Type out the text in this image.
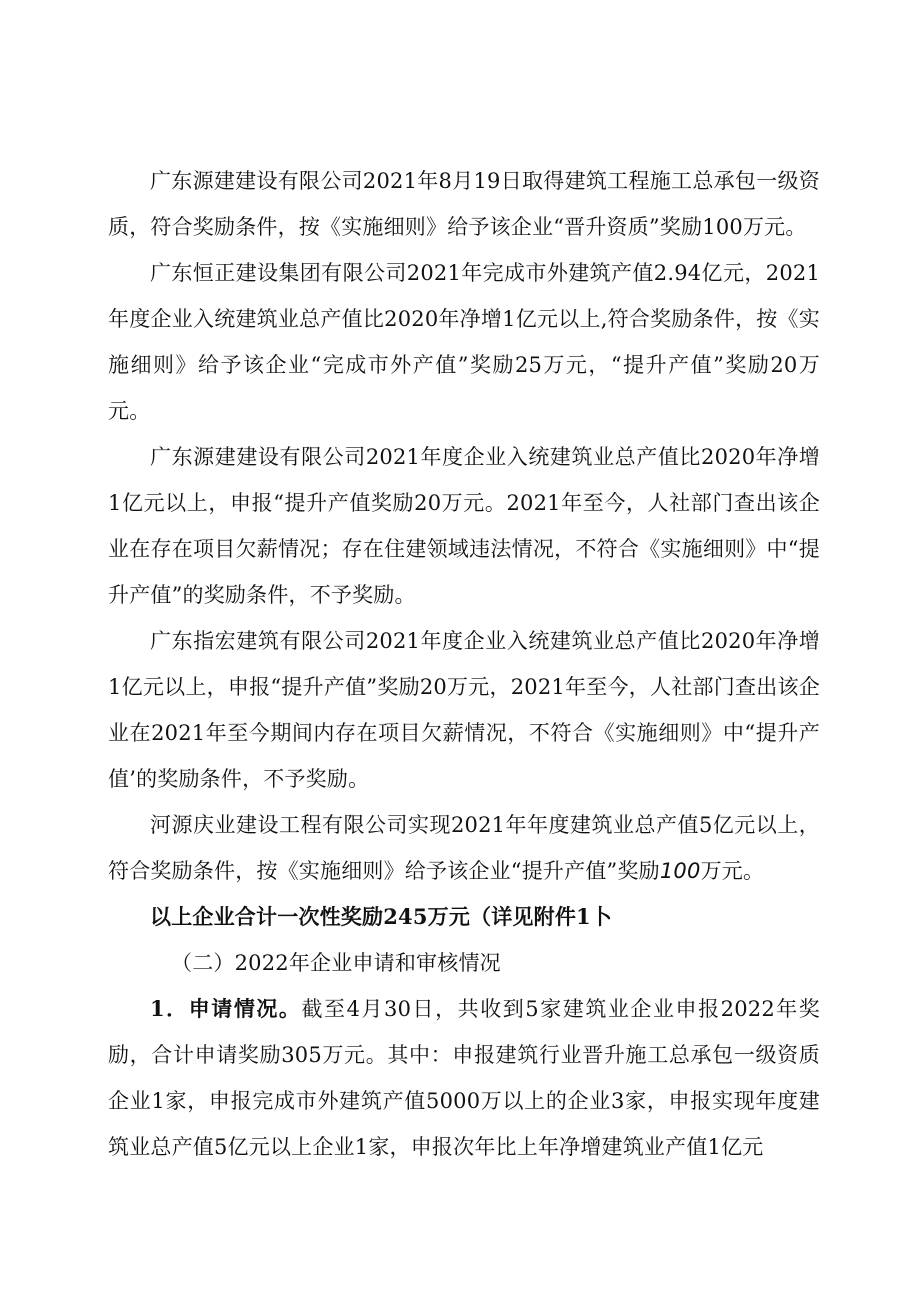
广东源建建设有限公司2021年8月19日取得建筑工程施工总承包一级资质，符合奖励条件，按《实施细则》给予该企业“晋升资质”奖励100万元。

广东恒正建设集团有限公司2021年完成市外建筑产值2.94亿元，2021年度企业入统建筑业总产值比2020年净增1亿元以上,符合奖励条件，按《实施细则》给予该企业“完成市外产值”奖励25万元，“提升产值”奖励20万元。

广东源建建设有限公司2021年度企业入统建筑业总产值比2020年净增1亿元以上，申报“提升产值奖励20万元。2021年至今，人社部门查出该企业在存在项目欠薪情况；存在住建领域违法情况，不符合《实施细则》中“提升产值”的奖励条件，不予奖励。

广东指宏建筑有限公司2021年度企业入统建筑业总产值比2020年净增1亿元以上，申报“提升产值”奖励20万元，2021年至今，人社部门查出该企业在2021年至今期间内存在项目欠薪情况，不符合《实施细则》中“提升产值’的奖励条件，不予奖励。

河源庆业建设工程有限公司实现2021年年度建筑业总产值5亿元以上，符合奖励条件，按《实施细则》给予该企业“提升产值”奖励100万元。

以上企业合计一次性奖励245万元（详见附件1卜

（二）2022年企业申请和审核情况

1．申请情况。截至4月30日，共收到5家建筑业企业申报2022年奖励，合计申请奖励305万元。其中：申报建筑行业晋升施工总承包一级资质企业1家，申报完成市外建筑产值5000万以上的企业3家，申报实现年度建筑业总产值5亿元以上企业1家，申报次年比上年净增建筑业产值1亿元
